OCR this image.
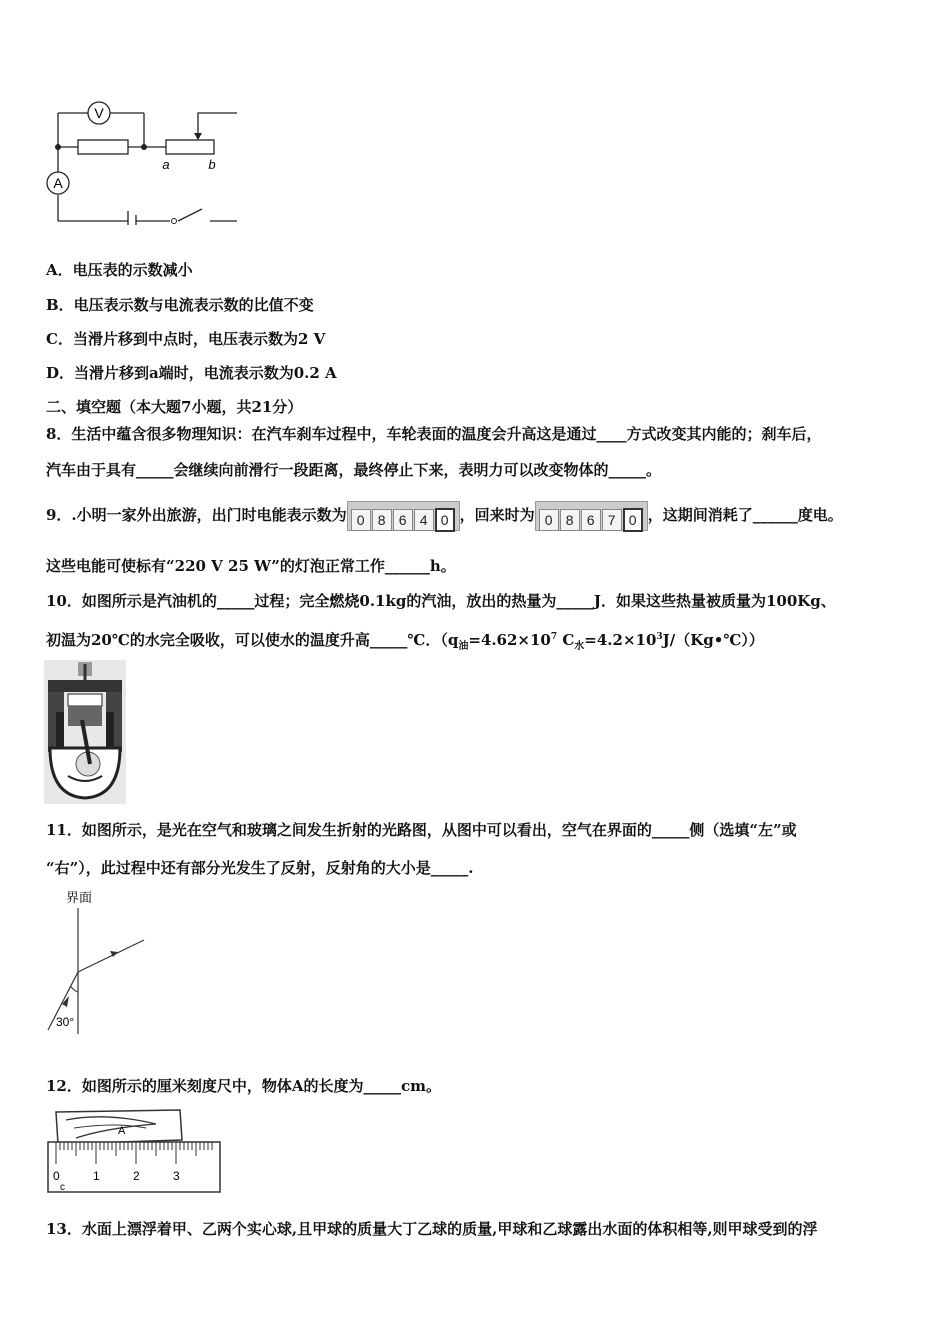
V
A
a	b
A．电压表的示数减小
B．电压表示数与电流表示数的比值不变
C．当滑片移到中点时，电压表示数为2 V
D．当滑片移到a端时，电流表示数为0.2 A
二、填空题（本大题7小题，共21分）
8．生活中蕴含很多物理知识：在汽车刹车过程中，车轮表面的温度会升高这是通过____方式改变其内能的；刹车后，
汽车由于具有_____会继续向前滑行一段距离，最终停止下来，表明力可以改变物体的_____。
9．.小明一家外出旅游，出门时电能表示数为 0 8 6 4 0 ，回来时为 0 8 6 7 0 ，这期间消耗了______度电。
这些电能可使标有“220 V 25 W”的灯泡正常工作______h。
10．如图所示是汽油机的_____过程；完全燃烧0.1kg的汽油，放出的热量为_____J．如果这些热量被质量为100Kg、
初温为20℃的水完全吸收，可以使水的温度升高_____℃．（$q_油=4.62\times 10^7$ $C_水=4.2\times 10^3J/(Kg•℃)$）
11．如图所示，是光在空气和玻璃之间发生折射的光路图，从图中可以看出，空气在界面的_____侧（选填“左”或
“右”），此过程中还有部分光发生了反射，反射角的大小是_____.
界面
30°
12．如图所示的厘米刻度尺中，物体A的长度为_____cm。
A
0	1	2	3
c
13．水面上漂浮着甲、乙两个实心球,且甲球的质量大丁乙球的质量,甲球和乙球露出水面的体积相等,则甲球受到的浮
